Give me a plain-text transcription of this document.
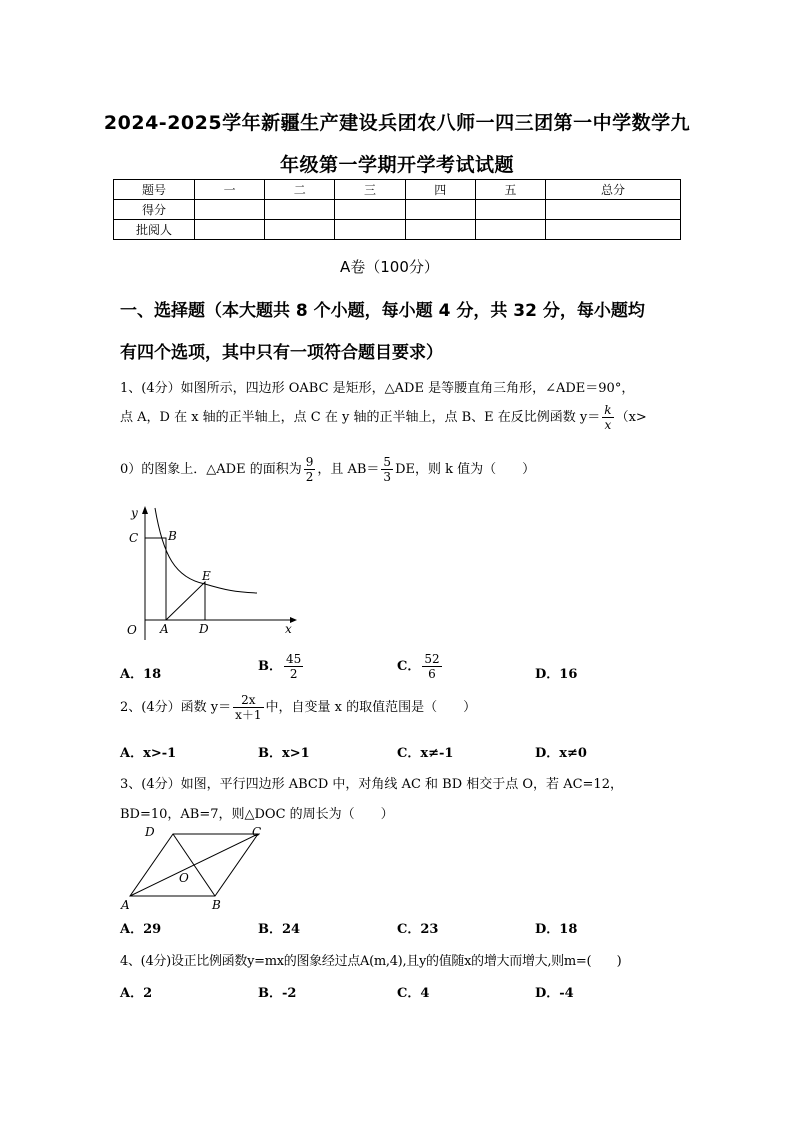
2024-2025学年新疆生产建设兵团农八师一四三团第一中学数学九
年级第一学期开学考试试题
题号	一	二	三	四	五	总分
得分						
批阅人						
A卷（100分）
一、选择题（本大题共 8 个小题，每小题 4 分，共 32 分，每小题均
有四个选项，其中只有一项符合题目要求）
1、(4分）如图所示，四边形 OABC 是矩形，△ADE 是等腰直角三角形，∠ADE＝90°，
点 A，D 在 x 轴的正半轴上，点 C 在 y 轴的正半轴上，点 B、E 在反比例函数 $y= \frac{k}{x} (x>$
0）的图象上．△ADE 的面积为 $\frac{9}{2}$ ，且 $AB= \frac{5}{3}$ DE，则 k 值为（　　）
y
x
O A	D
C B
E
A．18
B． $\frac{45}{2}$	C． $\frac{52}{6}$	D．16
2、(4分）函数 $y= \frac{2x}{x+1}$ 中，自变量 x 的取值范围是（　　）
A．x>-1	B．x>1	C．x≠-1	D．x≠0
3、(4分）如图，平行四边形 ABCD 中，对角线 AC 和 BD 相交于点 O，若 AC=12，
BD=10，AB=7，则△DOC 的周长为（　　）
A	B
C
D
O
A．29	B．24	C．23	D．18
4、(4分)设正比例函数y=mx的图象经过点A(m,4),且y的值随x的增大而增大,则m=(　　)
A．2	B．-2	C．4	D．-4
